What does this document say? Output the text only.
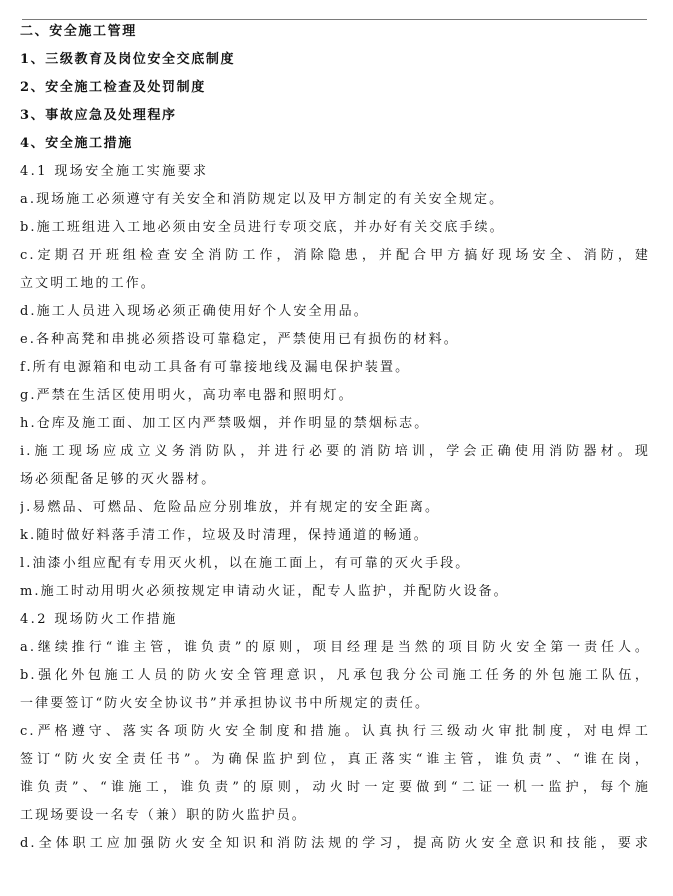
二、安全施工管理
1、三级教育及岗位安全交底制度
2、安全施工检查及处罚制度
3、事故应急及处理程序
4、安全施工措施
4.1 现场安全施工实施要求
a.现场施工必须遵守有关安全和消防规定以及甲方制定的有关安全规定。
b.施工班组进入工地必须由安全员进行专项交底，并办好有关交底手续。
c.定期召开班组检查安全消防工作，消除隐患，并配合甲方搞好现场安全、消防，建
立文明工地的工作。
d.施工人员进入现场必须正确使用好个人安全用品。
e.各种高凳和串挑必须搭设可靠稳定，严禁使用已有损伤的材料。
f.所有电源箱和电动工具备有可靠接地线及漏电保护装置。
g.严禁在生活区使用明火，高功率电器和照明灯。
h.仓库及施工面、加工区内严禁吸烟，并作明显的禁烟标志。
i.施工现场应成立义务消防队，并进行必要的消防培训，学会正确使用消防器材。现
场必须配备足够的灭火器材。
j.易燃品、可燃品、危险品应分别堆放，并有规定的安全距离。
k.随时做好料落手清工作，垃圾及时清理，保持通道的畅通。
l.油漆小组应配有专用灭火机，以在施工面上，有可靠的灭火手段。
m.施工时动用明火必须按规定申请动火证，配专人监护，并配防火设备。
4.2 现场防火工作措施
a.继续推行“谁主管，谁负责”的原则，项目经理是当然的项目防火安全第一责任人。
b.强化外包施工人员的防火安全管理意识，凡承包我分公司施工任务的外包施工队伍，
一律要签订“防火安全协议书”并承担协议书中所规定的责任。
c.严格遵守、落实各项防火安全制度和措施。认真执行三级动火审批制度，对电焊工
签订“防火安全责任书”。为确保监护到位，真正落实“谁主管，谁负责”、“谁在岗，
谁负责”、“谁施工，谁负责”的原则，动火时一定要做到“二证一机一监护，每个施
工现场要设一名专（兼）职的防火监护员。
d.全体职工应加强防火安全知识和消防法规的学习，提高防火安全意识和技能，要求
